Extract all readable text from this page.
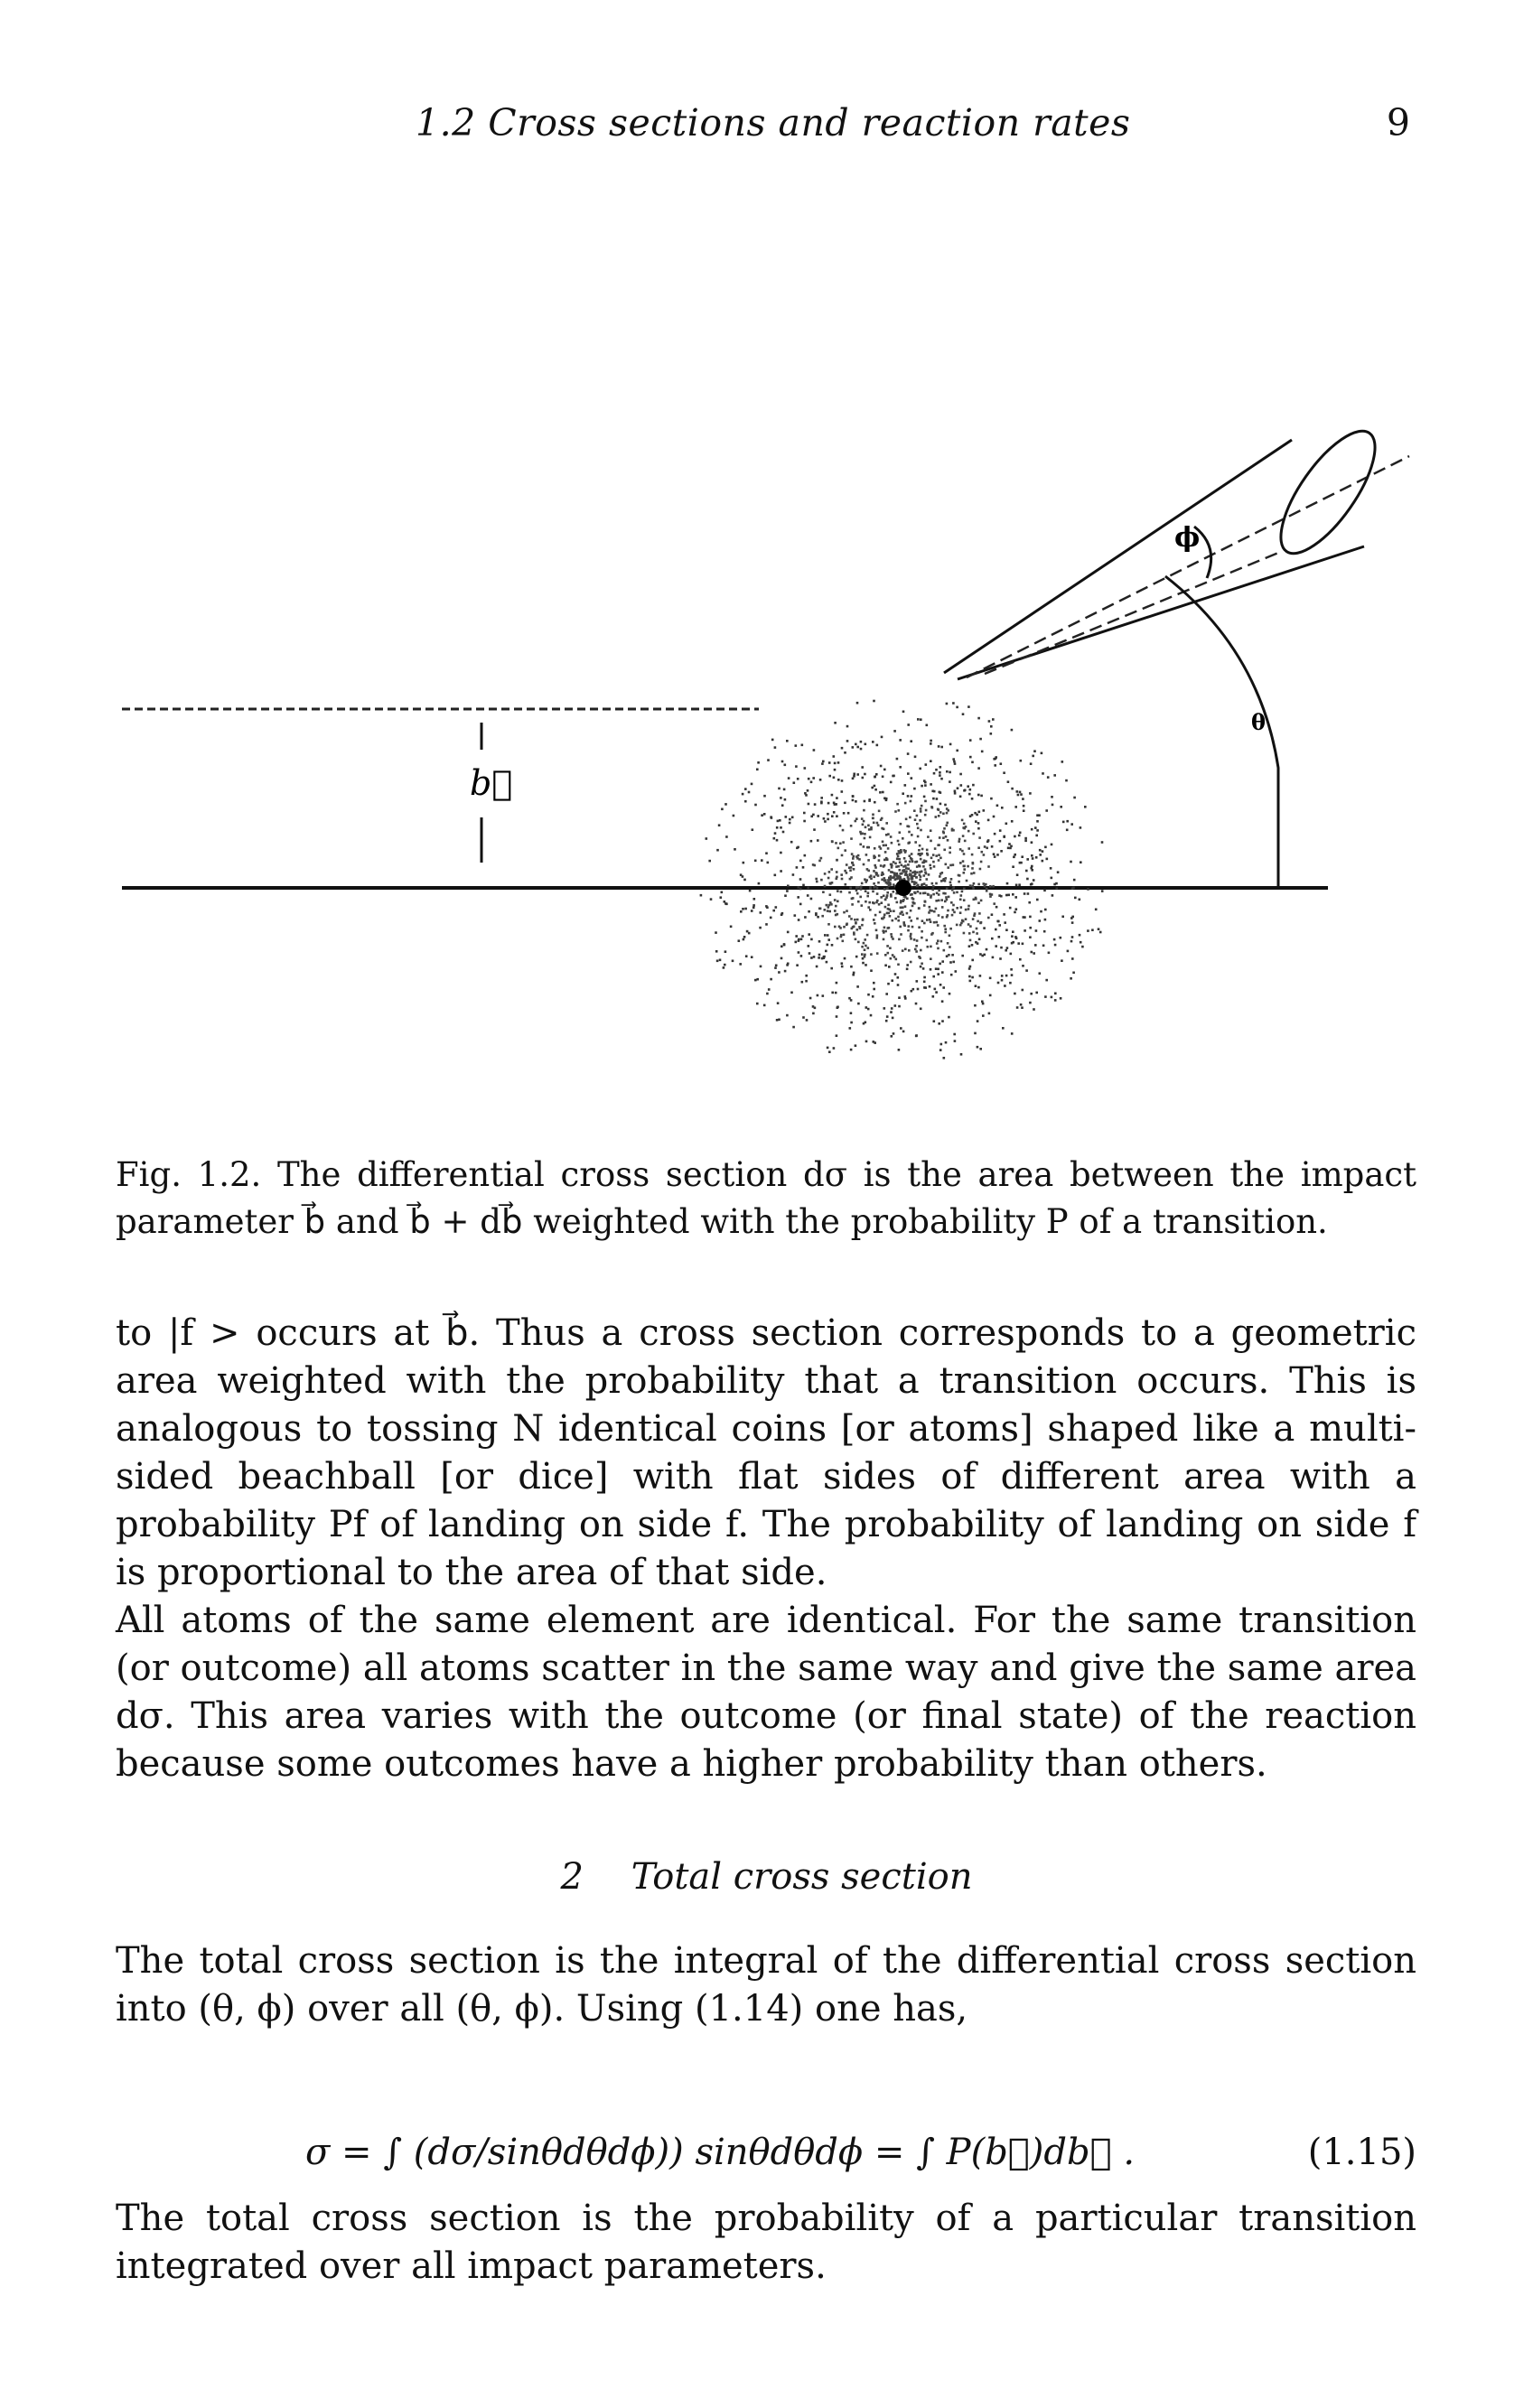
1.2 Cross sections and reaction rates	9
b⃗
ϕ
θ
Fig. 1.2. The differential cross section dσ is the area between the impact parameter b⃗ and b⃗ + db⃗ weighted with the probability P of a transition.
to |f > occurs at b⃗. Thus a cross section corresponds to a geometric area weighted with the probability that a transition occurs. This is analogous to tossing N identical coins [or atoms] shaped like a multi-sided beachball [or dice] with flat sides of different area with a probability Pf of landing on side f. The probability of landing on side f is proportional to the area of that side.
All atoms of the same element are identical. For the same transition (or outcome) all atoms scatter in the same way and give the same area dσ. This area varies with the outcome (or final state) of the reaction because some outcomes have a higher probability than others.
2 Total cross section
The total cross section is the integral of the differential cross section into (θ, ϕ) over all (θ, ϕ). Using (1.14) one has,
σ = ∫ (dσ/sinθdθdϕ)) sinθdθdϕ = ∫ P(b⃗)db⃗ .	(1.15)
The total cross section is the probability of a particular transition integrated over all impact parameters.
